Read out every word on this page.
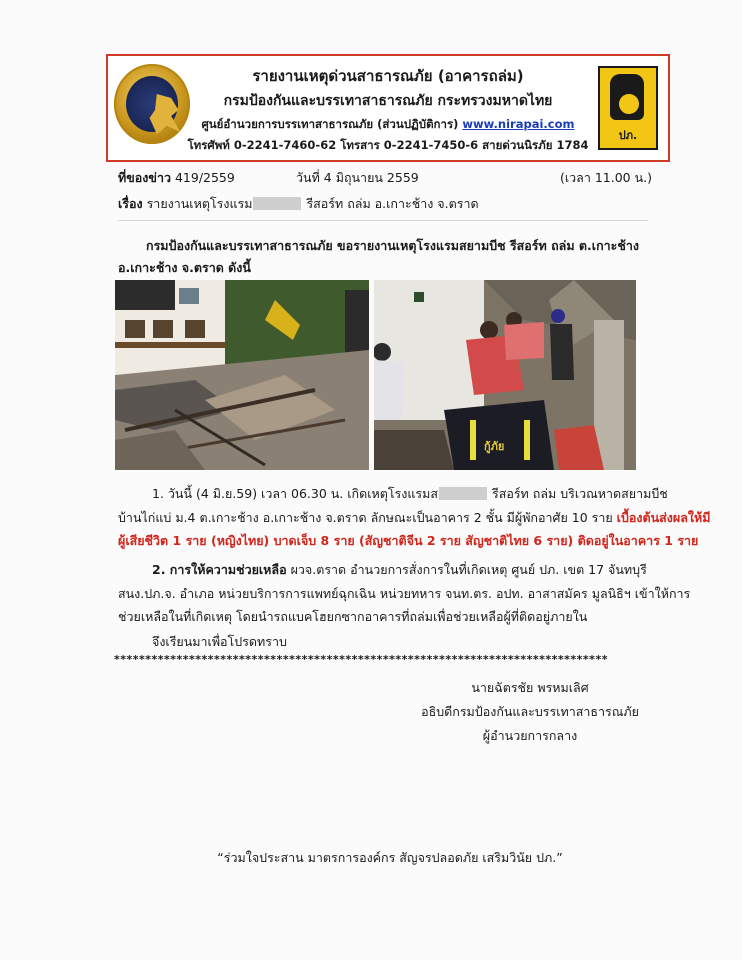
รายงานเหตุด่วนสาธารณภัย (อาคารถล่ม)
กรมป้องกันและบรรเทาสาธารณภัย กระทรวงมหาดไทย
ศูนย์อำนวยการบรรเทาสาธารณภัย (ส่วนปฏิบัติการ) www.nirapai.com
โทรศัพท์ 0-2241-7460-62 โทรสาร 0-2241-7450-6 สายด่วนนิรภัย 1784
ปภ.
ที่ของข่าว 419/2559	วันที่ 4 มิถุนายน 2559	(เวลา 11.00 น.)
เรื่อง รายงานเหตุโรงแรม	รีสอร์ท ถล่ม อ.เกาะช้าง จ.ตราด
กรมป้องกันและบรรเทาสาธารณภัย ขอรายงานเหตุโรงแรมสยามบีช รีสอร์ท ถล่ม ต.เกาะช้าง
อ.เกาะช้าง จ.ตราด ดังนี้
กู้ภัย
1. วันนี้ (4 มิ.ย.59) เวลา 06.30 น. เกิดเหตุโรงแรมส	รีสอร์ท ถล่ม บริเวณหาดสยามบีช
บ้านไก่แบ่ ม.4 ต.เกาะช้าง อ.เกาะช้าง จ.ตราด ลักษณะเป็นอาคาร 2 ชั้น มีผู้พักอาศัย 10 ราย เบื้องต้นส่งผลให้มี
ผู้เสียชีวิต 1 ราย (หญิงไทย) บาดเจ็บ 8 ราย (สัญชาติจีน 2 ราย สัญชาติไทย 6 ราย) ติดอยู่ในอาคาร 1 ราย
2. การให้ความช่วยเหลือ ผวจ.ตราด อำนวยการสั่งการในที่เกิดเหตุ ศูนย์ ปภ. เขต 17 จันทบุรี
สนง.ปภ.จ. อำเภอ หน่วยบริการการแพทย์ฉุกเฉิน หน่วยทหาร จนท.ตร. อปท. อาสาสมัคร มูลนิธิฯ เข้าให้การ
ช่วยเหลือในที่เกิดเหตุ โดยนำรถแบคโฮยกซากอาคารที่ถล่มเพื่อช่วยเหลือผู้ที่ติดอยู่ภายใน
จึงเรียนมาเพื่อโปรดทราบ
*******************************************************************************
นายฉัตรชัย พรหมเลิศ
อธิบดีกรมป้องกันและบรรเทาสาธารณภัย
ผู้อำนวยการกลาง
“ร่วมใจประสาน มาตรการองค์กร สัญจรปลอดภัย เสริมวินัย ปภ.”
